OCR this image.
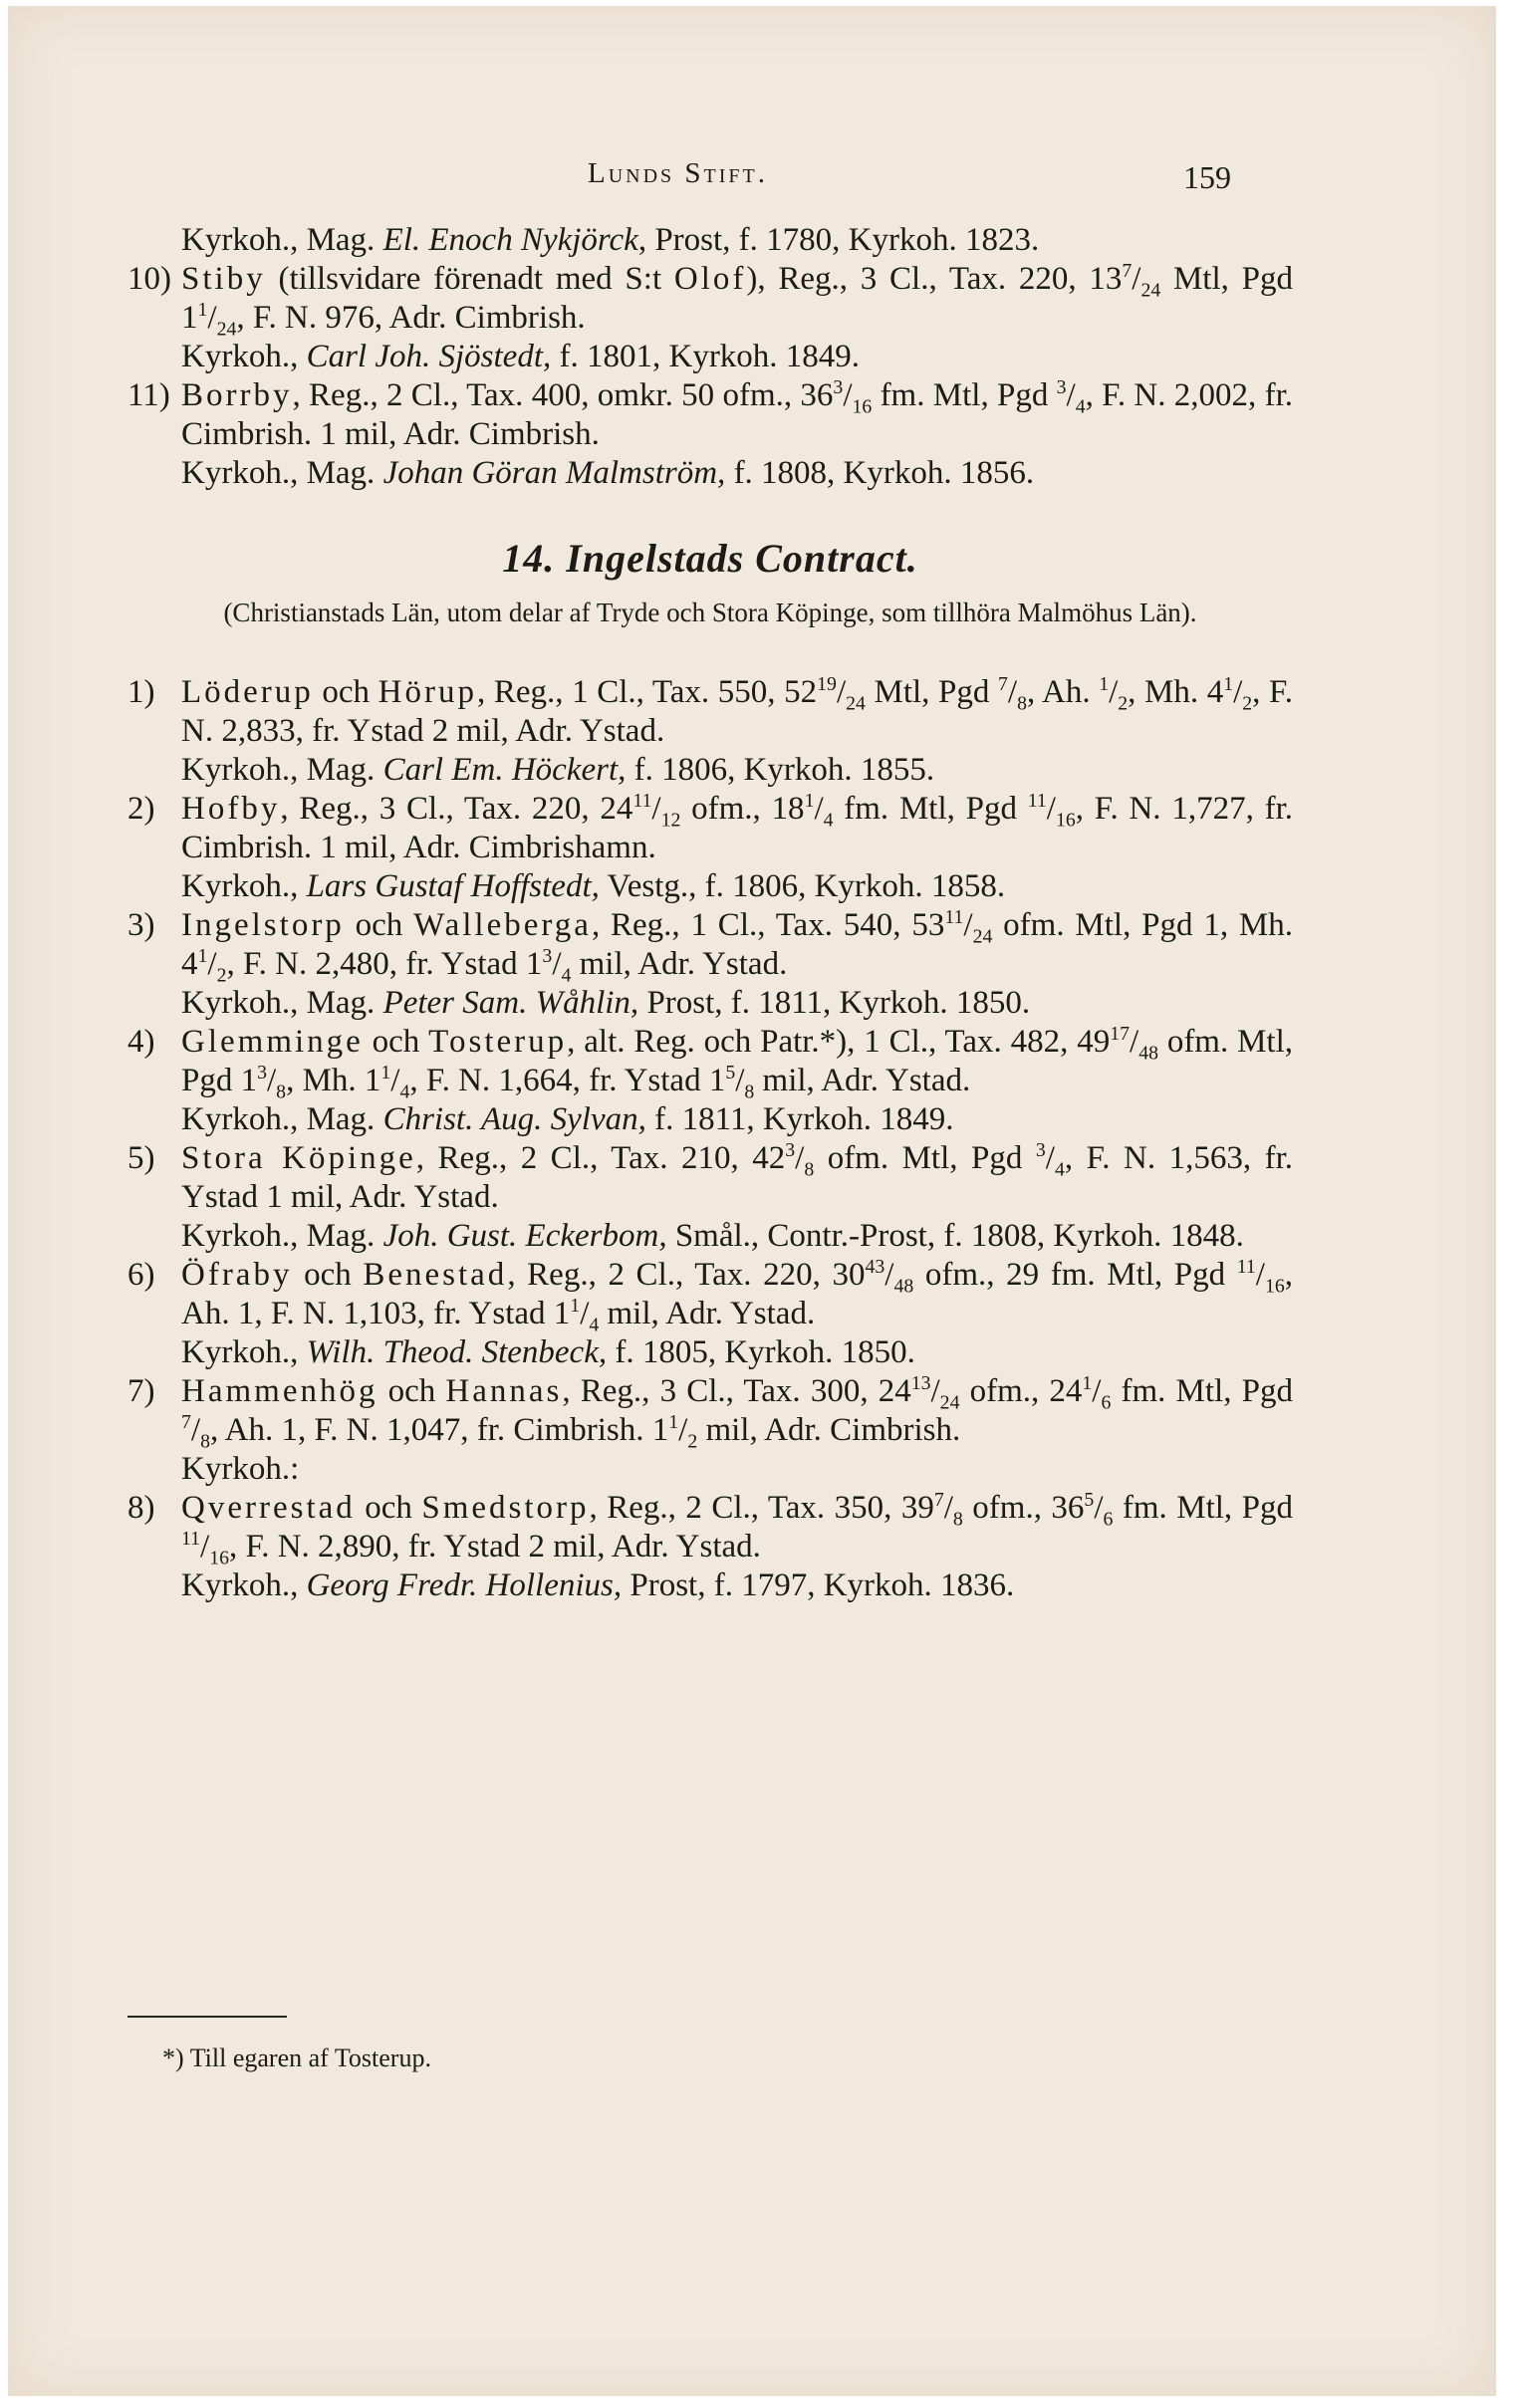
Lunds Stift.	159

Kyrkoh., Mag. El. Enoch Nykjörck, Prost, f. 1780, Kyrkoh. 1823.

10) Stiby (tillsvidare förenadt med S:t Olof), Reg., 3 Cl., Tax. 220, $13^7/_{24}$ Mtl, Pgd $1^1/_{24}$, F. N. 976, Adr. Cimbrish.

Kyrkoh., Carl Joh. Sjöstedt, f. 1801, Kyrkoh. 1849.

11) Borrby, Reg., 2 Cl., Tax. 400, omkr. 50 ofm., $36^3/_{16}$ fm. Mtl, Pgd $^3/_4$, F. N. 2,002, fr. Cimbrish. 1 mil, Adr. Cimbrish.

Kyrkoh., Mag. Johan Göran Malmström, f. 1808, Kyrkoh. 1856.

14. Ingelstads Contract.
(Christianstads Län, utom delar af Tryde och Stora Köpinge, som tillhöra Malmöhus Län).

1) Löderup och Hörup, Reg., 1 Cl., Tax. 550, $52^{19}/_{24}$ Mtl, Pgd $^7/_8$, Ah. $^1/_2$, Mh. $4^1/_2$, F. N. 2,833, fr. Ystad 2 mil, Adr. Ystad.

Kyrkoh., Mag. Carl Em. Höckert, f. 1806, Kyrkoh. 1855.

2) Hofby, Reg., 3 Cl., Tax. 220, $24^{11}/_{12}$ ofm., $18^1/_4$ fm. Mtl, Pgd $^{11}/_{16}$, F. N. 1,727, fr. Cimbrish. 1 mil, Adr. Cimbrishamn.

Kyrkoh., Lars Gustaf Hoffstedt, Vestg., f. 1806, Kyrkoh. 1858.

3) Ingelstorp och Walleberga, Reg., 1 Cl., Tax. 540, $53^{11}/_{24}$ ofm. Mtl, Pgd 1, Mh. $4^1/_2$, F. N. 2,480, fr. Ystad $1^3/_4$ mil, Adr. Ystad.

Kyrkoh., Mag. Peter Sam. Wåhlin, Prost, f. 1811, Kyrkoh. 1850.

4) Glemminge och Tosterup, alt. Reg. och Patr.*), 1 Cl., Tax. 482, $49^{17}/_{48}$ ofm. Mtl, Pgd $1^3/_8$, Mh. $1^1/_4$, F. N. 1,664, fr. Ystad $1^5/_8$ mil, Adr. Ystad.

Kyrkoh., Mag. Christ. Aug. Sylvan, f. 1811, Kyrkoh. 1849.

5) Stora Köpinge, Reg., 2 Cl., Tax. 210, $42^3/_8$ ofm. Mtl, Pgd $^3/_4$, F. N. 1,563, fr. Ystad 1 mil, Adr. Ystad.

Kyrkoh., Mag. Joh. Gust. Eckerbom, Smål., Contr.-Prost, f. 1808, Kyrkoh. 1848.

6) Öfraby och Benestad, Reg., 2 Cl., Tax. 220, $30^{43}/_{48}$ ofm., 29 fm. Mtl, Pgd $^{11}/_{16}$, Ah. 1, F. N. 1,103, fr. Ystad $1^1/_4$ mil, Adr. Ystad.

Kyrkoh., Wilh. Theod. Stenbeck, f. 1805, Kyrkoh. 1850.

7) Hammenhög och Hannas, Reg., 3 Cl., Tax. 300, $24^{13}/_{24}$ ofm., $24^1/_6$ fm. Mtl, Pgd $^7/_8$, Ah. 1, F. N. 1,047, fr. Cimbrish. $1^1/_2$ mil, Adr. Cimbrish.

Kyrkoh.:

8) Qverrestad och Smedstorp, Reg., 2 Cl., Tax. 350, $39^7/_8$ ofm., $36^5/_6$ fm. Mtl, Pgd $^{11}/_{16}$, F. N. 2,890, fr. Ystad 2 mil, Adr. Ystad.

Kyrkoh., Georg Fredr. Hollenius, Prost, f. 1797, Kyrkoh. 1836.

*) Till egaren af Tosterup.
